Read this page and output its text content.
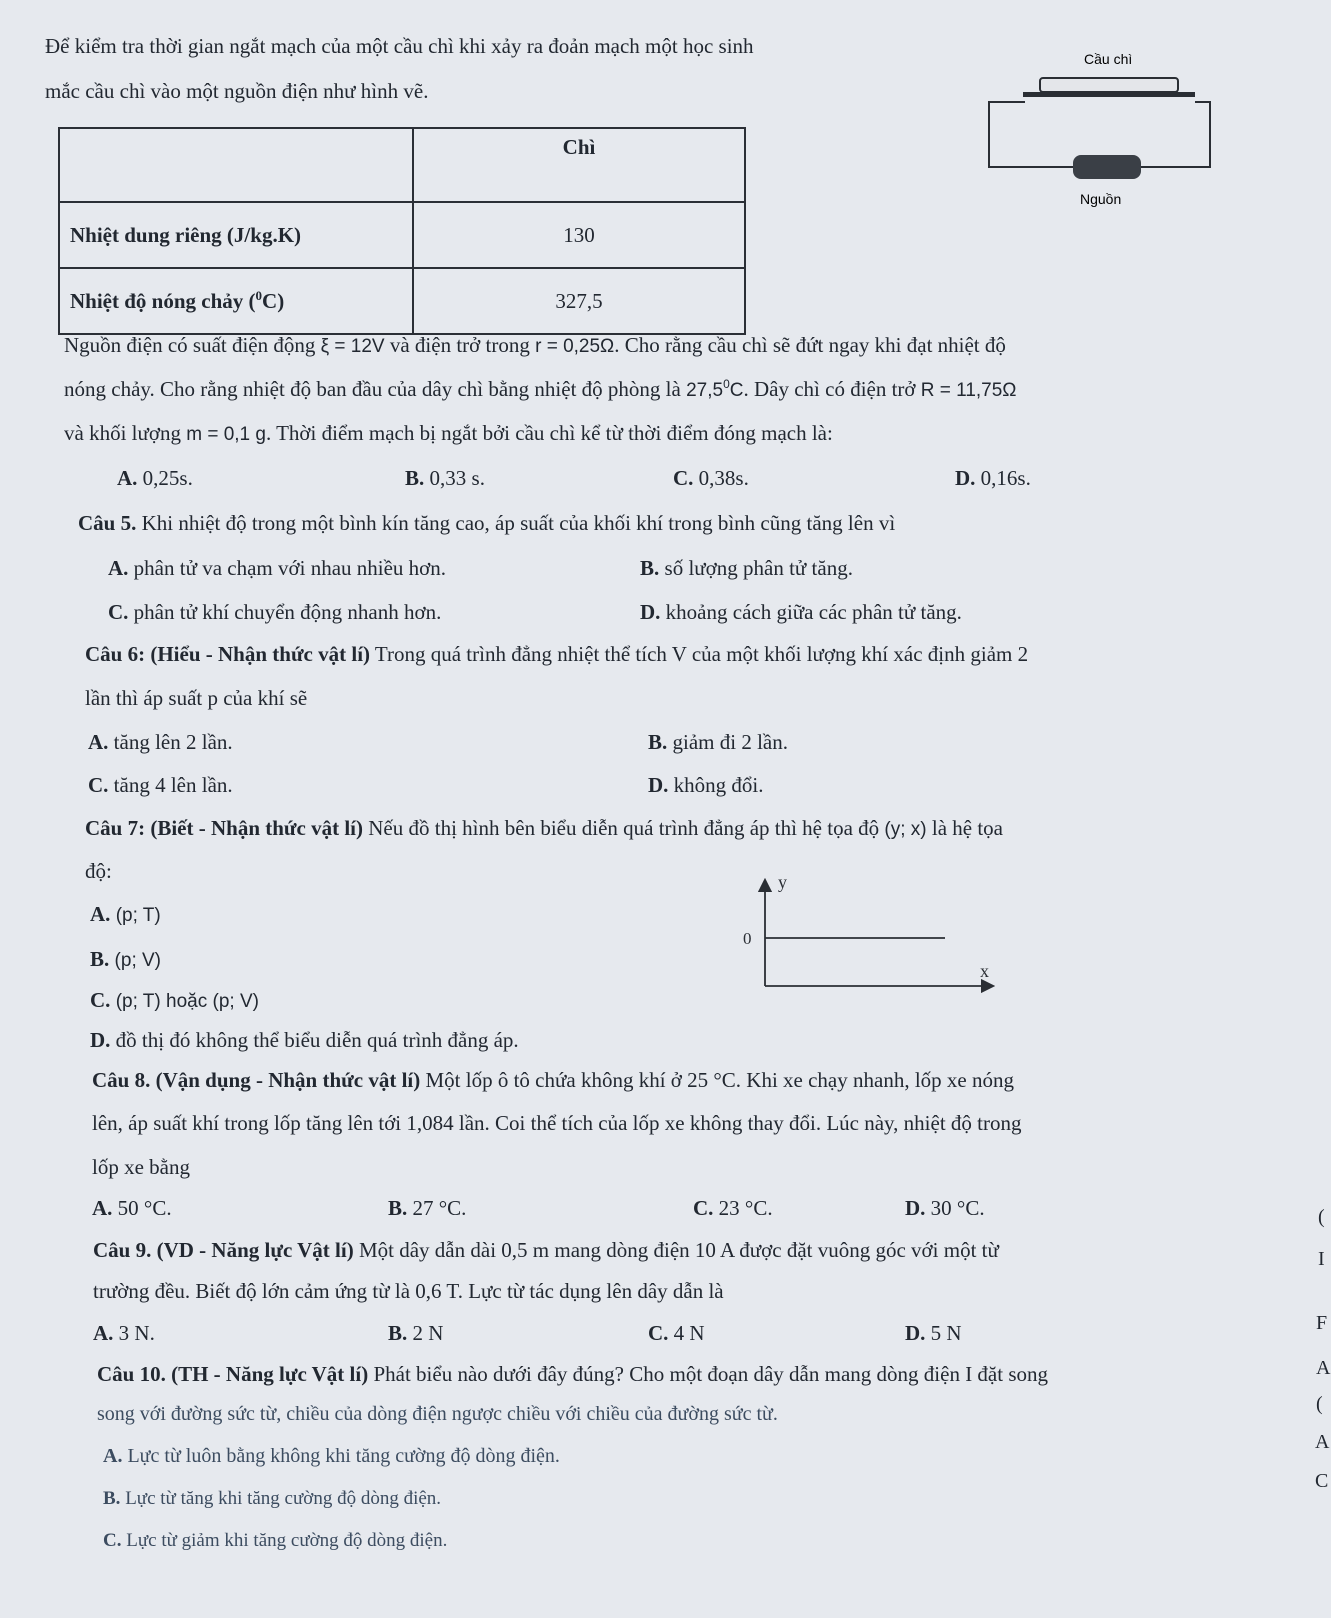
Để kiểm tra thời gian ngắt mạch của một cầu chì khi xảy ra đoản mạch một học sinh
mắc cầu chì vào một nguồn điện như hình vẽ.
Cầu chì
Nguồn
	Chì
Nhiệt dung riêng (J/kg.K)	130
Nhiệt độ nóng chảy ($^0$C)	327,5
Nguồn điện có suất điện động ξ = 12V và điện trở trong r = 0,25Ω. Cho rằng cầu chì sẽ đứt ngay khi đạt nhiệt độ
nóng chảy. Cho rằng nhiệt độ ban đầu của dây chì bằng nhiệt độ phòng là 27,5$^0$C. Dây chì có điện trở R = 11,75Ω
và khối lượng m = 0,1 g. Thời điểm mạch bị ngắt bởi cầu chì kể từ thời điểm đóng mạch là:
A. 0,25s.	B. 0,33 s.	C. 0,38s.	D. 0,16s.
Câu 5. Khi nhiệt độ trong một bình kín tăng cao, áp suất của khối khí trong bình cũng tăng lên vì
A. phân tử va chạm với nhau nhiều hơn.	B. số lượng phân tử tăng.
C. phân tử khí chuyển động nhanh hơn.	D. khoảng cách giữa các phân tử tăng.
Câu 6: (Hiểu - Nhận thức vật lí) Trong quá trình đẳng nhiệt thể tích V của một khối lượng khí xác định giảm 2
lần thì áp suất p của khí sẽ
A. tăng lên 2 lần.	B. giảm đi 2 lần.
C. tăng 4 lên lần.	D. không đổi.
Câu 7: (Biết - Nhận thức vật lí) Nếu đồ thị hình bên biểu diễn quá trình đẳng áp thì hệ tọa độ (y; x) là hệ tọa
độ:
A. (p; T)
B. (p; V)
C. (p; T) hoặc (p; V)
D. đồ thị đó không thể biểu diễn quá trình đẳng áp.
y
0
x
Câu 8. (Vận dụng - Nhận thức vật lí) Một lốp ô tô chứa không khí ở 25 °C. Khi xe chạy nhanh, lốp xe nóng
lên, áp suất khí trong lốp tăng lên tới 1,084 lần. Coi thể tích của lốp xe không thay đổi. Lúc này, nhiệt độ trong
lốp xe bằng
A. 50 °C.	B. 27 °C.	C. 23 °C.	D. 30 °C.
Câu 9. (VD - Năng lực Vật lí) Một dây dẫn dài 0,5 m mang dòng điện 10 A được đặt vuông góc với một từ
trường đều. Biết độ lớn cảm ứng từ là 0,6 T. Lực từ tác dụng lên dây dẫn là
A. 3 N.	B. 2 N	C. 4 N	D. 5 N
Câu 10. (TH - Năng lực Vật lí) Phát biểu nào dưới đây đúng? Cho một đoạn dây dẫn mang dòng điện I đặt song
song với đường sức từ, chiều của dòng điện ngược chiều với chiều của đường sức từ.
A. Lực từ luôn bằng không khi tăng cường độ dòng điện.
B. Lực từ tăng khi tăng cường độ dòng điện.
C. Lực từ giảm khi tăng cường độ dòng điện.
(
I
F
A
(
A
C
